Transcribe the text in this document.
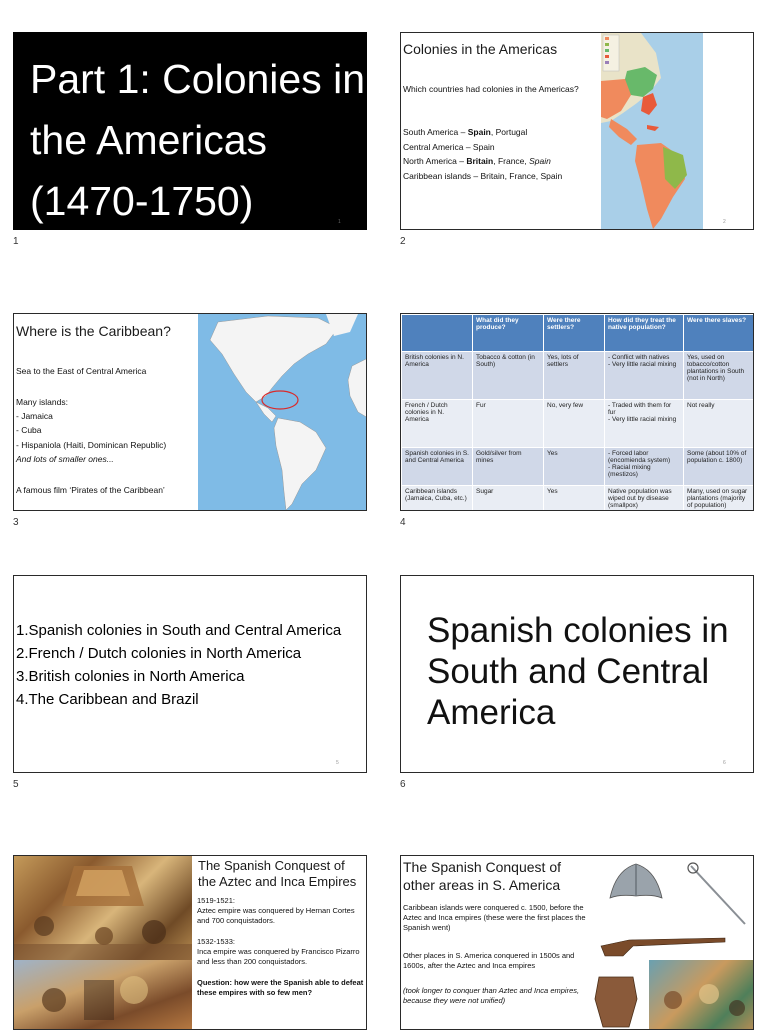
Part 1: Colonies in the Americas (1470-1750)	1
1
Colonies in the Americas
Which countries had colonies in the Americas?
South America – Spain, Portugal
Central America – Spain
North America – Britain, France, Spain
Caribbean islands – Britain, France, Spain
2
2
Where is the Caribbean?
Sea to the East of Central America
Many islands:
- Jamaica
- Cuba
- Hispaniola (Haiti, Dominican Republic)
And lots of smaller ones...
A famous film ‘Pirates of the Caribbean’
3
	What did they produce?	Were there settlers?	How did they treat the native population?	Were there slaves?
British colonies in N. America	Tobacco & cotton (in South)	Yes, lots of settlers	- Conflict with natives
- Very little racial mixing	Yes, used on tobacco/cotton plantations in South (not in North)
French / Dutch colonies in N. America	Fur	No, very few	- Traded with them for fur
- Very little racial mixing	Not really
Spanish colonies in S. and Central America	Gold/silver from mines	Yes	- Forced labor (encomienda system)
- Racial mixing (mestizos)	Some (about 10% of population c. 1800)
Caribbean islands (Jamaica, Cuba, etc.)	Sugar	Yes	Native population was wiped out by disease (smallpox)	Many, used on sugar plantations (majority of population)
4
1.Spanish colonies in South and Central America
2.French / Dutch colonies in North America
3.British colonies in North America
4.The Caribbean and Brazil
5
5
Spanish colonies in South and Central America
6
6
The Spanish Conquest of the Aztec and Inca Empires
1519-1521:
Aztec empire was conquered by Hernan Cortes and 700 conquistadors.
1532-1533:
Inca empire was conquered by Francisco Pizarro and less than 200 conquistadors.
Question: how were the Spanish able to defeat these empires with so few men?
The Spanish Conquest of other areas in S. America
Caribbean islands were conquered c. 1500, before the Aztec and Inca empires (these were the first places the Spanish went)
Other places in S. America conquered in 1500s and 1600s, after the Aztec and Inca empires
(took longer to conquer than Aztec and Inca empires, because they were not unified)
